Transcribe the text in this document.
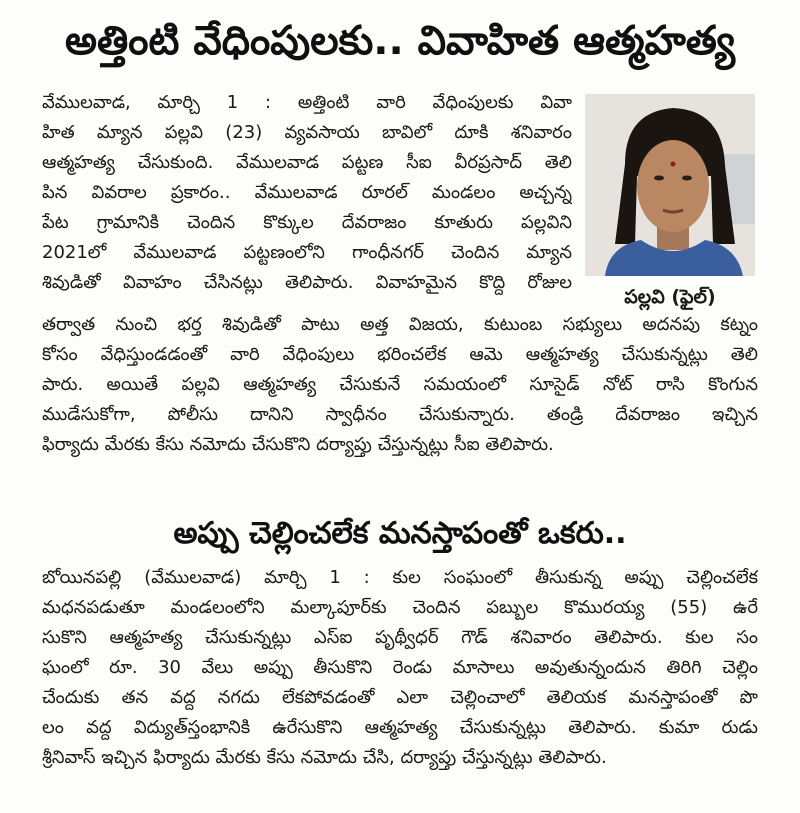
అత్తింటి వేధింపులకు.. వివాహిత ఆత్మహత్య
వేములవాడ, మార్చి 1 : అత్తింటి వారి వేధింపులకు వివా
హిత మ్యాన పల్లవి (23) వ్యవసాయ బావిలో దూకి శనివారం
ఆత్మహత్య చేసుకుంది. వేములవాడ పట్టణ సీఐ వీరప్రసాద్ తెలి
పిన వివరాల ప్రకారం.. వేములవాడ రూరల్ మండలం అచ్చన్న
పేట గ్రామానికి చెందిన కొక్కుల దేవరాజం కూతురు పల్లవిని
2021లో వేములవాడ పట్టణంలోని గాంధీనగర్ చెందిన మ్యాన
శివుడితో వివాహం చేసినట్లు తెలిపారు. వివాహమైన కొద్ది రోజుల
తర్వాత నుంచి భర్త శివుడితో పాటు అత్త విజయ, కుటుంబ సభ్యులు అదనపు కట్నం
కోసం వేధిస్తుండడంతో వారి వేధింపులు భరించలేక ఆమె ఆత్మహత్య చేసుకున్నట్లు తెలి
పారు. అయితే పల్లవి ఆత్మహత్య చేసుకునే సమయంలో సూసైడ్ నోట్ రాసి కొంగున
ముడేసుకోగా, పోలీసు దానిని స్వాధీనం చేసుకున్నారు. తండ్రి దేవరాజం ఇచ్చిన
ఫిర్యాదు మేరకు కేసు నమోదు చేసుకొని దర్యాప్తు చేస్తున్నట్లు సీఐ తెలిపారు.
పల్లవి (ఫైల్)
అప్పు చెల్లించలేక మనస్తాపంతో ఒకరు..
బోయినపల్లి (వేములవాడ) మార్చి 1 : కుల సంఘంలో తీసుకున్న అప్పు చెల్లించలేక
మధనపడుతూ మండలంలోని మల్కాపూర్‌కు చెందిన పబ్బుల కొమురయ్య (55) ఉరే
సుకొని ఆత్మహత్య చేసుకున్నట్లు ఎస్ఐ పృథ్వీధర్ గౌడ్ శనివారం తెలిపారు. కుల సం
ఘంలో రూ. 30 వేలు అప్పు తీసుకొని రెండు మాసాలు అవుతున్నందున తిరిగి చెల్లిం
చేందుకు తన వద్ద నగదు లేకపోవడంతో ఎలా చెల్లించాలో తెలియక మనస్తాపంతో పొ
లం వద్ద విద్యుత్‌స్తంభానికి ఉరేసుకొని ఆత్మహత్య చేసుకున్నట్లు తెలిపారు. కుమా రుడు
శ్రీనివాస్ ఇచ్చిన ఫిర్యాదు మేరకు కేసు నమోదు చేసి, దర్యాప్తు చేస్తున్నట్లు తెలిపారు.
